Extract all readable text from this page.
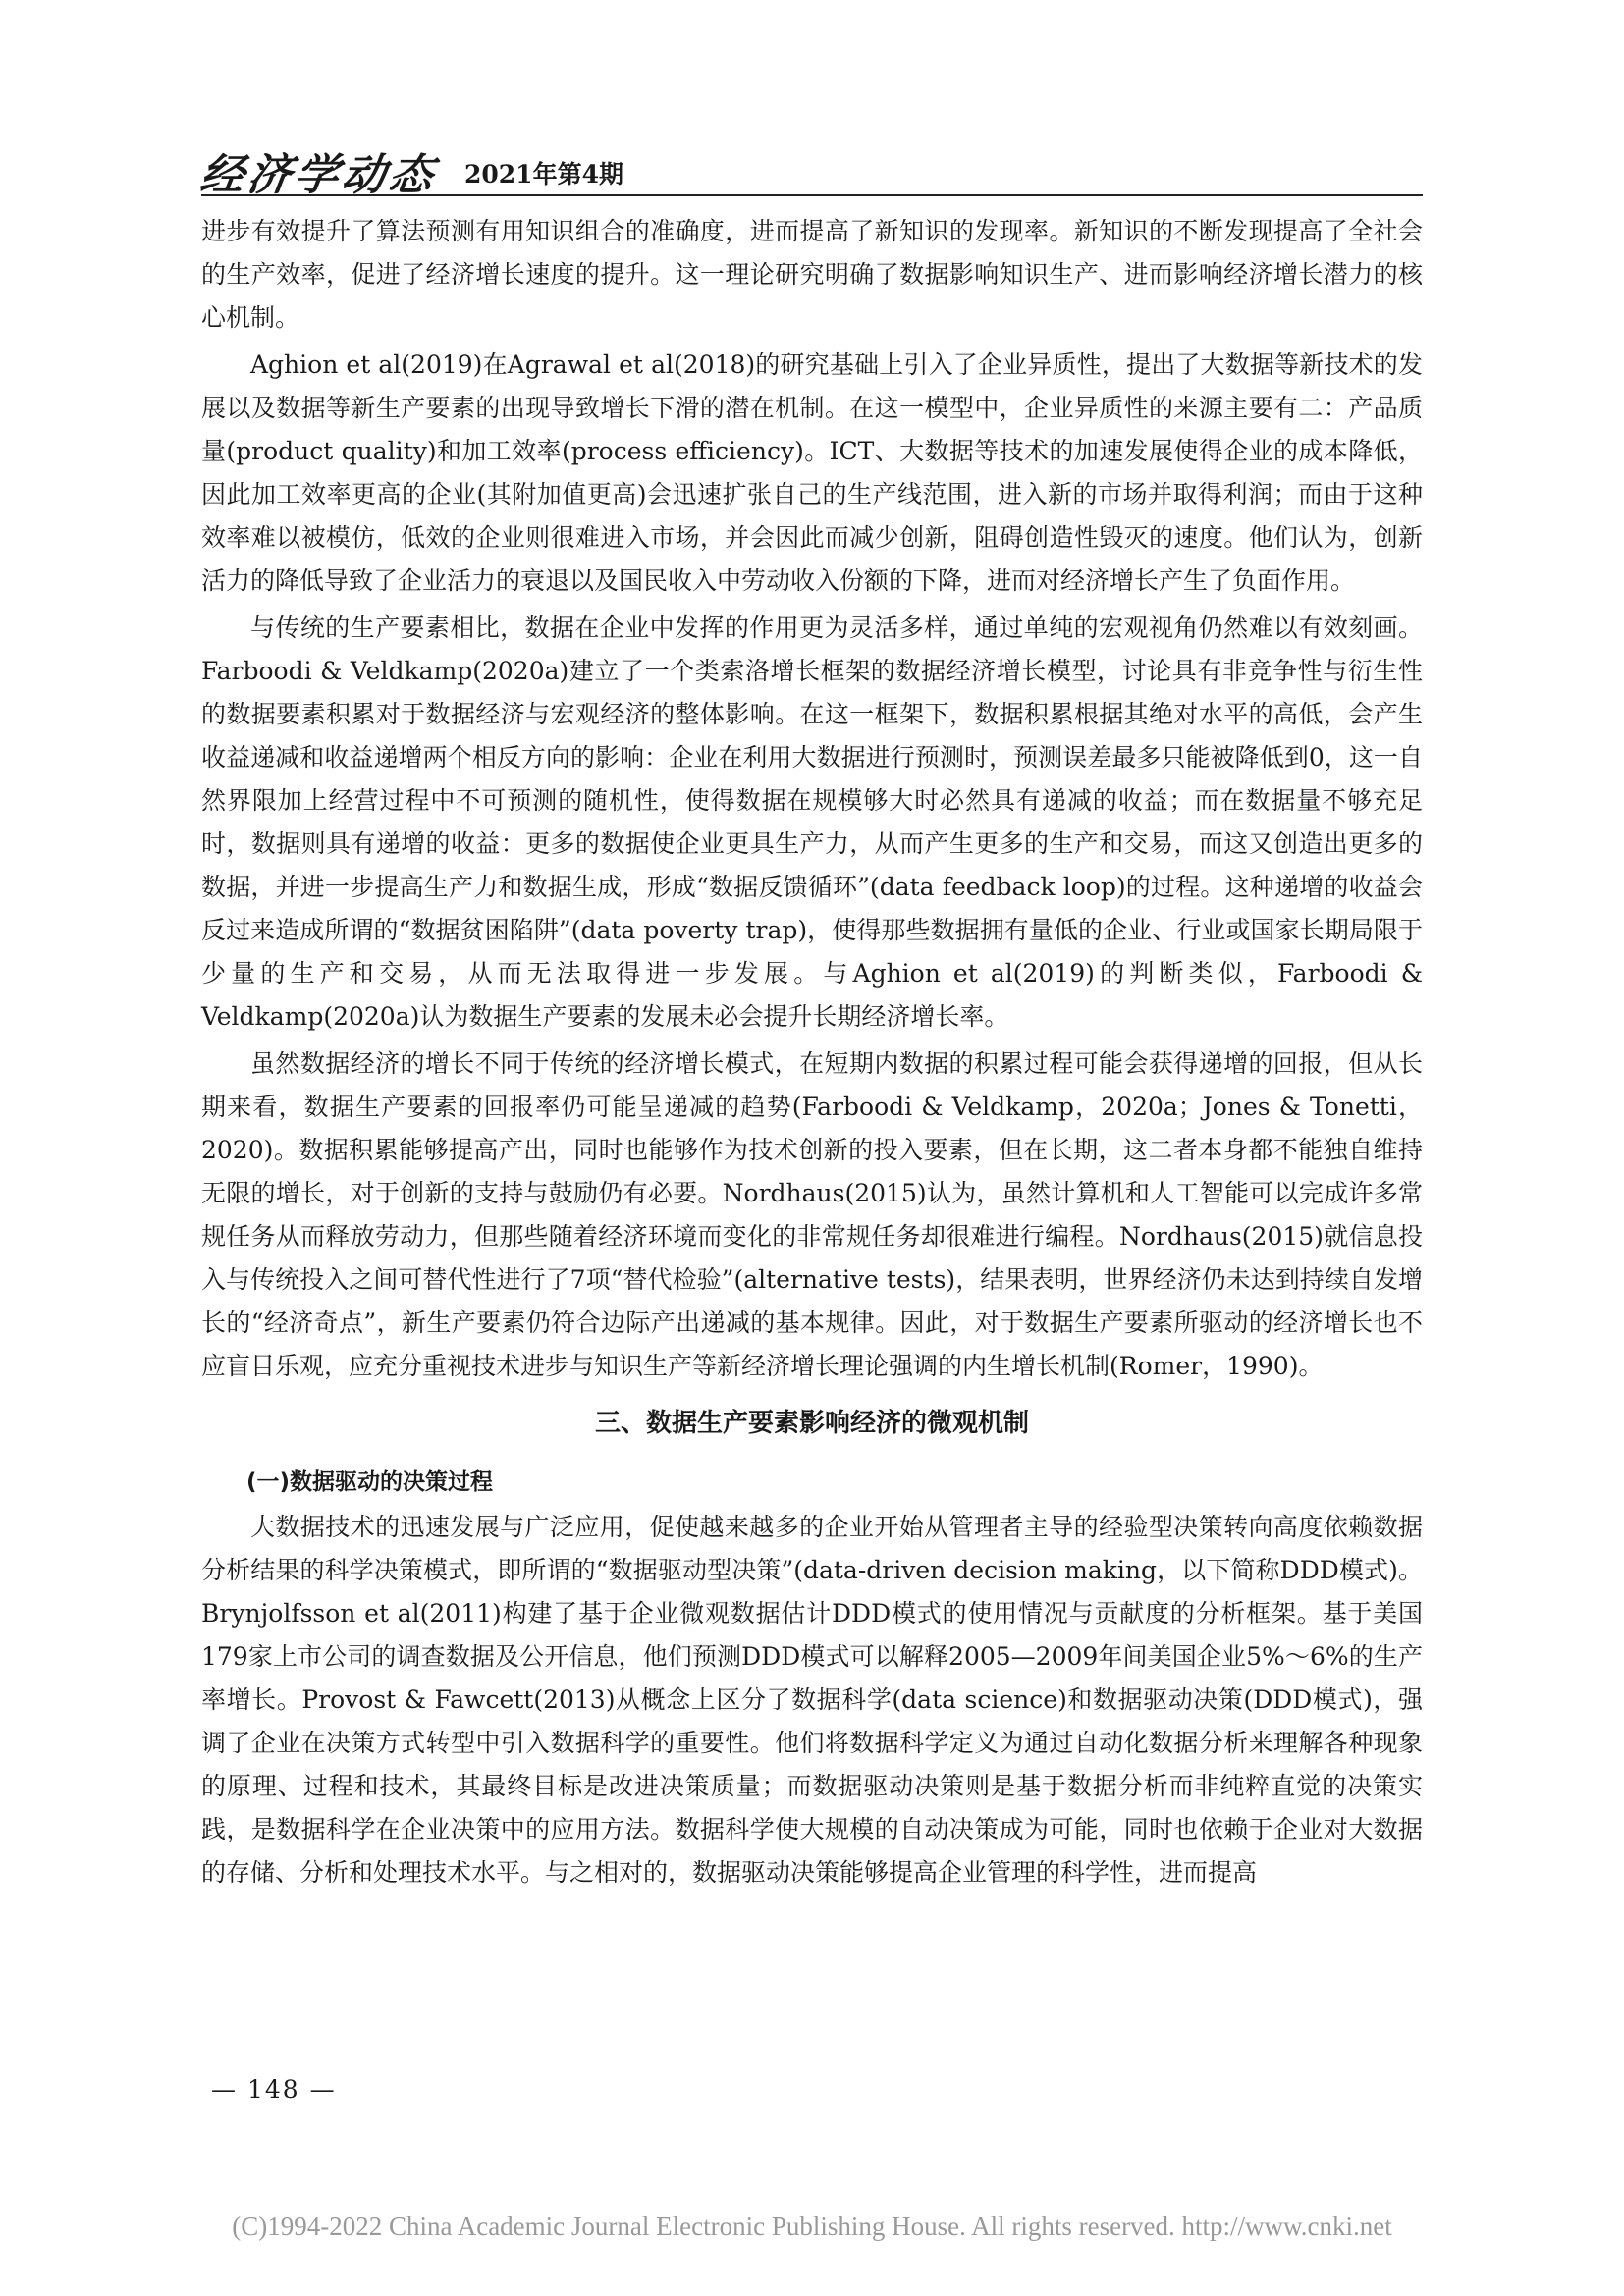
经济学动态 2021年第4期

进步有效提升了算法预测有用知识组合的准确度，进而提高了新知识的发现率。新知识的不断发现提高了全社会的生产效率，促进了经济增长速度的提升。这一理论研究明确了数据影响知识生产、进而影响经济增长潜力的核心机制。

Aghion et al(2019)在Agrawal et al(2018)的研究基础上引入了企业异质性，提出了大数据等新技术的发展以及数据等新生产要素的出现导致增长下滑的潜在机制。在这一模型中，企业异质性的来源主要有二：产品质量(product quality)和加工效率(process efficiency)。ICT、大数据等技术的加速发展使得企业的成本降低，因此加工效率更高的企业(其附加值更高)会迅速扩张自己的生产线范围，进入新的市场并取得利润；而由于这种效率难以被模仿，低效的企业则很难进入市场，并会因此而减少创新，阻碍创造性毁灭的速度。他们认为，创新活力的降低导致了企业活力的衰退以及国民收入中劳动收入份额的下降，进而对经济增长产生了负面作用。

与传统的生产要素相比，数据在企业中发挥的作用更为灵活多样，通过单纯的宏观视角仍然难以有效刻画。Farboodi & Veldkamp(2020a)建立了一个类索洛增长框架的数据经济增长模型，讨论具有非竞争性与衍生性的数据要素积累对于数据经济与宏观经济的整体影响。在这一框架下，数据积累根据其绝对水平的高低，会产生收益递减和收益递增两个相反方向的影响：企业在利用大数据进行预测时，预测误差最多只能被降低到0，这一自然界限加上经营过程中不可预测的随机性，使得数据在规模够大时必然具有递减的收益；而在数据量不够充足时，数据则具有递增的收益：更多的数据使企业更具生产力，从而产生更多的生产和交易，而这又创造出更多的数据，并进一步提高生产力和数据生成，形成“数据反馈循环”(data feedback loop)的过程。这种递增的收益会反过来造成所谓的“数据贫困陷阱”(data poverty trap)，使得那些数据拥有量低的企业、行业或国家长期局限于少量的生产和交易，从而无法取得进一步发展。与Aghion et al(2019)的判断类似，Farboodi & Veldkamp(2020a)认为数据生产要素的发展未必会提升长期经济增长率。

虽然数据经济的增长不同于传统的经济增长模式，在短期内数据的积累过程可能会获得递增的回报，但从长期来看，数据生产要素的回报率仍可能呈递减的趋势(Farboodi & Veldkamp，2020a；Jones & Tonetti，2020)。数据积累能够提高产出，同时也能够作为技术创新的投入要素，但在长期，这二者本身都不能独自维持无限的增长，对于创新的支持与鼓励仍有必要。Nordhaus(2015)认为，虽然计算机和人工智能可以完成许多常规任务从而释放劳动力，但那些随着经济环境而变化的非常规任务却很难进行编程。Nordhaus(2015)就信息投入与传统投入之间可替代性进行了7项“替代检验”(alternative tests)，结果表明，世界经济仍未达到持续自发增长的“经济奇点”，新生产要素仍符合边际产出递减的基本规律。因此，对于数据生产要素所驱动的经济增长也不应盲目乐观，应充分重视技术进步与知识生产等新经济增长理论强调的内生增长机制(Romer，1990)。

三、数据生产要素影响经济的微观机制
(一)数据驱动的决策过程

大数据技术的迅速发展与广泛应用，促使越来越多的企业开始从管理者主导的经验型决策转向高度依赖数据分析结果的科学决策模式，即所谓的“数据驱动型决策”(data-driven decision making，以下简称DDD模式)。Brynjolfsson et al(2011)构建了基于企业微观数据估计DDD模式的使用情况与贡献度的分析框架。基于美国179家上市公司的调查数据及公开信息，他们预测DDD模式可以解释2005—2009年间美国企业5%～6%的生产率增长。Provost & Fawcett(2013)从概念上区分了数据科学(data science)和数据驱动决策(DDD模式)，强调了企业在决策方式转型中引入数据科学的重要性。他们将数据科学定义为通过自动化数据分析来理解各种现象的原理、过程和技术，其最终目标是改进决策质量；而数据驱动决策则是基于数据分析而非纯粹直觉的决策实践，是数据科学在企业决策中的应用方法。数据科学使大规模的自动决策成为可能，同时也依赖于企业对大数据的存储、分析和处理技术水平。与之相对的，数据驱动决策能够提高企业管理的科学性，进而提高

— 148 —
(C)1994-2022 China Academic Journal Electronic Publishing House. All rights reserved. http://www.cnki.net
